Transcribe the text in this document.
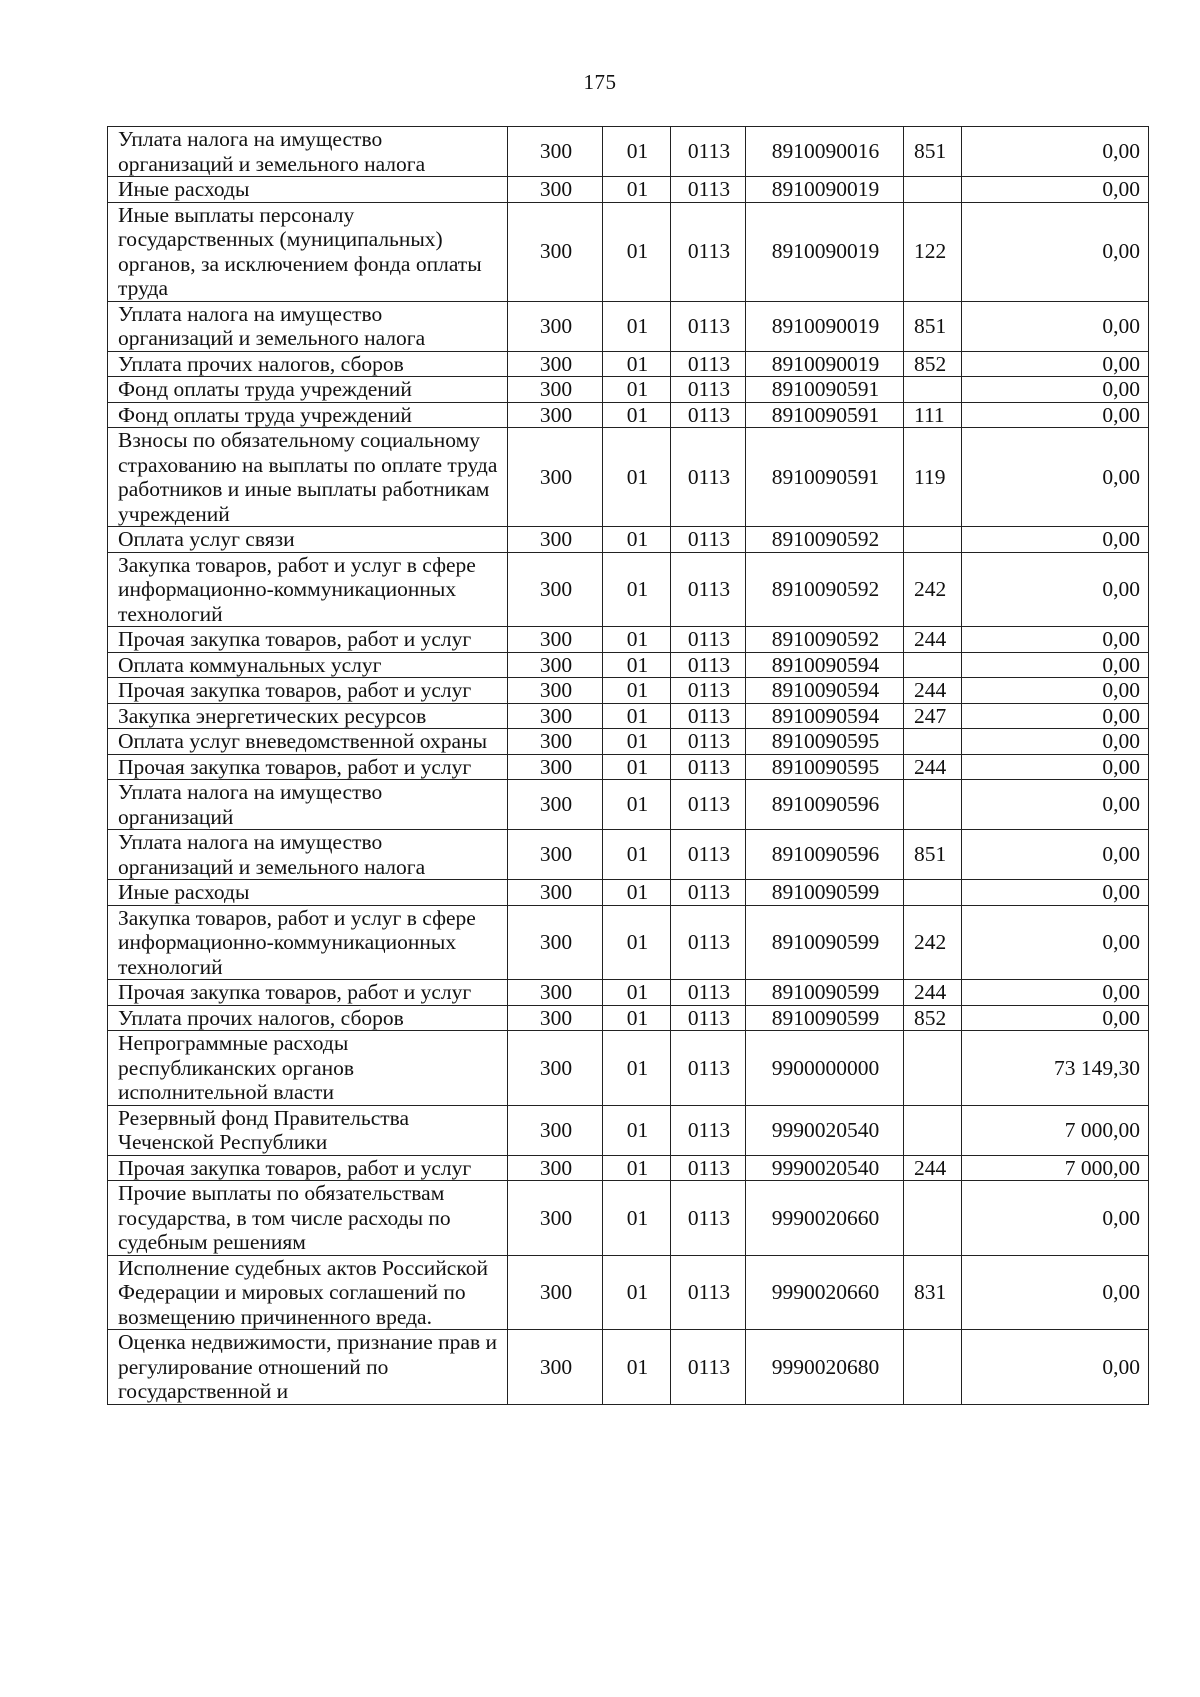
175
Уплата налога на имущество организаций и земельного налога	300	01	0113	8910090016	851	0,00
Иные расходы	300	01	0113	8910090019		0,00
Иные выплаты персоналу государственных (муниципальных) органов, за исключением фонда оплаты труда	300	01	0113	8910090019	122	0,00
Уплата налога на имущество организаций и земельного налога	300	01	0113	8910090019	851	0,00
Уплата прочих налогов, сборов	300	01	0113	8910090019	852	0,00
Фонд оплаты труда учреждений	300	01	0113	8910090591		0,00
Фонд оплаты труда учреждений	300	01	0113	8910090591	111	0,00
Взносы по обязательному социальному страхованию на выплаты по оплате труда работников и иные выплаты работникам учреждений	300	01	0113	8910090591	119	0,00
Оплата услуг связи	300	01	0113	8910090592		0,00
Закупка товаров, работ и услуг в сфере информационно-коммуникационных технологий	300	01	0113	8910090592	242	0,00
Прочая закупка товаров, работ и услуг	300	01	0113	8910090592	244	0,00
Оплата коммунальных услуг	300	01	0113	8910090594		0,00
Прочая закупка товаров, работ и услуг	300	01	0113	8910090594	244	0,00
Закупка энергетических ресурсов	300	01	0113	8910090594	247	0,00
Оплата услуг вневедомственной охраны	300	01	0113	8910090595		0,00
Прочая закупка товаров, работ и услуг	300	01	0113	8910090595	244	0,00
Уплата налога на имущество организаций	300	01	0113	8910090596		0,00
Уплата налога на имущество организаций и земельного налога	300	01	0113	8910090596	851	0,00
Иные расходы	300	01	0113	8910090599		0,00
Закупка товаров, работ и услуг в сфере информационно-коммуникационных технологий	300	01	0113	8910090599	242	0,00
Прочая закупка товаров, работ и услуг	300	01	0113	8910090599	244	0,00
Уплата прочих налогов, сборов	300	01	0113	8910090599	852	0,00
Непрограммные расходы республиканских органов исполнительной власти	300	01	0113	9900000000		73 149,30
Резервный фонд Правительства Чеченской Республики	300	01	0113	9990020540		7 000,00
Прочая закупка товаров, работ и услуг	300	01	0113	9990020540	244	7 000,00
Прочие выплаты по обязательствам государства, в том числе расходы по судебным решениям	300	01	0113	9990020660		0,00
Исполнение судебных актов Российской Федерации и мировых соглашений по возмещению причиненного вреда.	300	01	0113	9990020660	831	0,00
Оценка недвижимости, признание прав и регулирование отношений по государственной и	300	01	0113	9990020680		0,00
